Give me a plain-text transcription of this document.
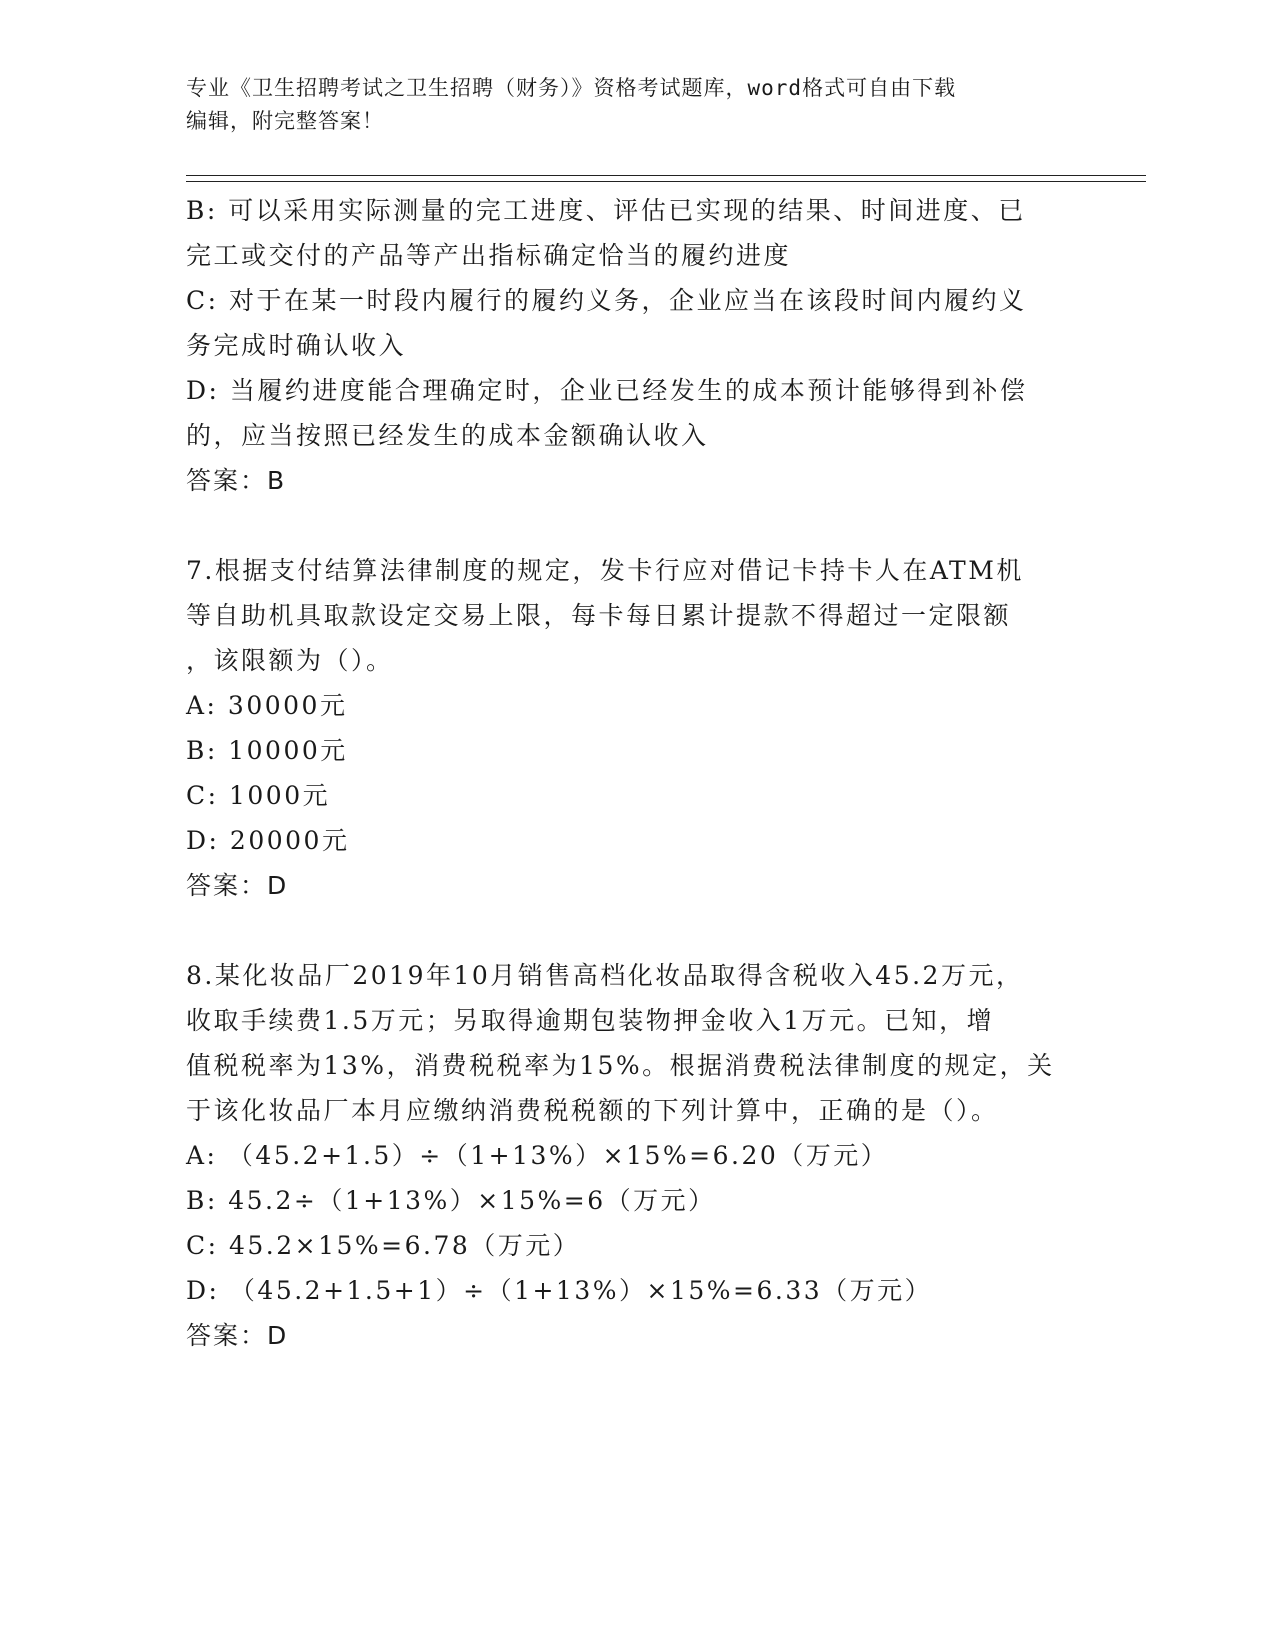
专业《卫生招聘考试之卫生招聘（财务）》资格考试题库，word格式可自由下载
编辑，附完整答案！
B: 可以采用实际测量的完工进度、评估已实现的结果、时间进度、已
完工或交付的产品等产出指标确定恰当的履约进度
C: 对于在某一时段内履行的履约义务，企业应当在该段时间内履约义
务完成时确认收入
D: 当履约进度能合理确定时，企业已经发生的成本预计能够得到补偿
的，应当按照已经发生的成本金额确认收入
答案：B
7.根据支付结算法律制度的规定，发卡行应对借记卡持卡人在ATM机
等自助机具取款设定交易上限，每卡每日累计提款不得超过一定限额
，该限额为（）。
A: 30000元
B: 10000元
C: 1000元
D: 20000元
答案：D
8.某化妆品厂2019年10月销售高档化妆品取得含税收入45.2万元，
收取手续费1.5万元；另取得逾期包装物押金收入1万元。已知，增
值税税率为13%，消费税税率为15%。根据消费税法律制度的规定，关
于该化妆品厂本月应缴纳消费税税额的下列计算中，正确的是（）。
A: （45.2+1.5）÷（1+13%）×15%=6.20（万元）
B: 45.2÷（1+13%）×15%=6（万元）
C: 45.2×15%=6.78（万元）
D: （45.2+1.5+1）÷（1+13%）×15%=6.33（万元）
答案：D
